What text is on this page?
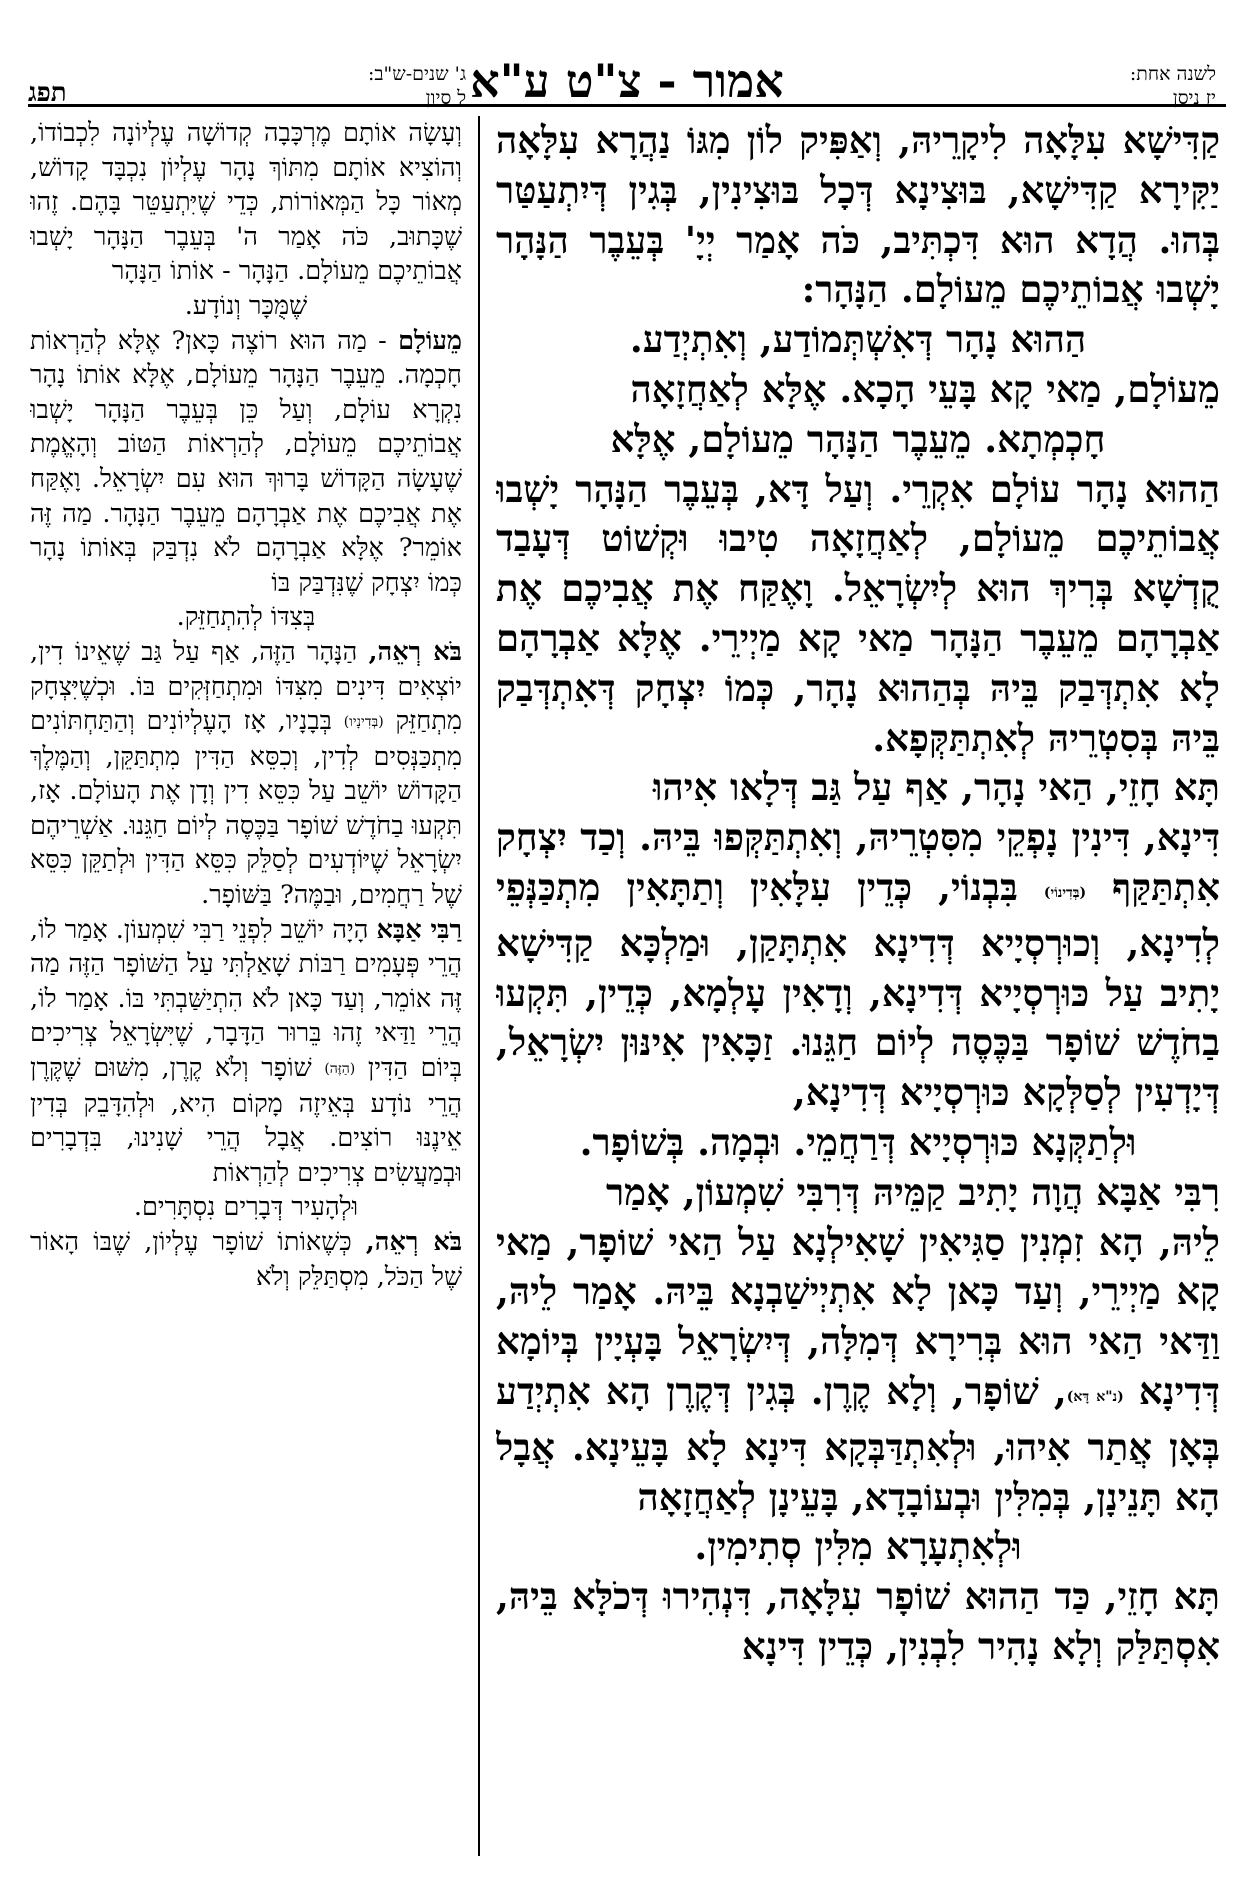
לשנה אחת:
יז ניסן
אמור - צ"ט ע"א
ג' שנים-ש"ב:
ל סיון
תפג

קַדִּישָׁא עִלָּאָה לִיקָרֵיהּ, וְאַפִּיק לוֹן מִגּוֹ נַהֲרָא עִלָּאָה יַקִּירָא קַדִּישָׁא, בּוּצִינָא דְּכָל בּוּצִינִין, בְּגִין דְּיִתְעַטַּר בְּהוּ. הֲדָא הוּא דִּכְתִּיב, כֹּה אָמַר יְיָ' בְּעֵבֶר הַנָּהָר יָשְׁבוּ אֲבוֹתֵיכֶם מֵעוֹלָם. הַנָּהָר:

הַהוּא נָהָר דְּאִשְׁתְּמוֹדַע, וְאִתְיְדַע.

מֵעוֹלָם, מַאי קָא בָּעֵי הָכָא. אֶלָּא לְאַחֲזָאָה

חָכְמְתָא. מֵעֵבֶר הַנָּהָר מֵעוֹלָם, אֶלָּא

הַהוּא נָהָר עוֹלָם אִקְרֵי. וְעַל דָּא, בְּעֵבֶר הַנָּהָר יָשְׁבוּ אֲבוֹתֵיכֶם מֵעוֹלָם, לְאַחֲזָאָה טִיבוּ וּקְשׁוֹט דְּעָבַד קֻדְשָׁא בְּרִיךְ הוּא לְיִשְׂרָאֵל. וָאֶקַּח אֶת אֲבִיכֶם אֶת אַבְרָהָם מֵעֵבֶר הַנָּהָר מַאי קָא מַיְירֵי. אֶלָּא אַבְרָהָם לָא אִתְדְּבַק בֵּיהּ בְּהַהוּא נָהָר, כְּמוֹ יִצְחָק דְּאִתְדְּבַק בֵּיהּ בְּסִטְרֵיהּ לְאִתְתַּקְּפָא.

תָּא חָזֵי, הַאי נָהָר, אַף עַל גַּב דְּלָאו אִיהוּ

דִּינָא, דִּינִין נָפְקֵי מִסִּטְרֵיהּ, וְאִתְתַּקְּפוּ בֵּיהּ. וְכַד יִצְחָק אִתְתַּקַּף (בְּדִינוֹי) בִּבְנוֹי, כְּדֵין עִלָּאִין וְתַתָּאִין מִתְכַּנְּפֵי לְדִינָא, וְכוּרְסְיָיא דְּדִינָא אִתְתָּקַן, וּמַלְכָּא קַדִּישָׁא יָתִיב עַל כּוּרְסְיָיא דְּדִינָא, וְדָאִין עָלְמָא, כְּדֵין, תִּקְעוּ בַחֹדֶשׁ שׁוֹפָר בַּכֶּסֶה לְיוֹם חַגֵּנוּ. זַכָּאִין אִינּוּן יִשְׂרָאֵל, דְּיָדְעִין לְסַלְּקָא כּוּרְסְיָיא דְּדִינָא,

וּלְתַקְּנָא כּוּרְסְיָיא דְּרַחֲמֵי. וּבְמָה. בְּשׁוֹפָר.

רִבִּי אַבָּא הֲוָה יָתִיב קַמֵּיהּ דְּרִבִּי שִׁמְעוֹן, אָמַר

לֵיהּ, הָא זִמְנִין סַגִּיאִין שָׁאִילְנָא עַל הַאי שׁוֹפָר, מַאי קָא מַיְירֵי, וְעַד כָּאן לָא אִתְיְישַׁבְנָא בֵּיהּ. אָמַר לֵיהּ, וַדַּאי הַאי הוּא בְּרִירָא דְּמִלָּה, דְּיִשְׂרָאֵל בָּעְיָין בְּיוֹמָא דְּדִינָא (נ"א דָּא), שׁוֹפָר, וְלָא קֶרֶן. בְּגִין דְּקֶרֶן הָא אִתְיְדַע בְּאָן אֲתַר אִיהוּ, וּלְאִתְדַּבְּקָא דִּינָא לָא בָּעֵינָא. אֲבָל הָא תָּנֵינָן, בְּמִלִּין וּבְעוֹבָדָא, בָּעֵינָן לְאַחֲזָאָה

וּלְאִתְעָרָא מִלִּין סְתִימִין.

תָּא חָזֵי, כַּד הַהוּא שׁוֹפָר עִלָּאָה, דִּנְהִירוּ דְּכֹלָּא בֵּיהּ, אִסְתַּלַּק וְלָא נָהִיר לִבְנִין, כְּדֵין דִּינָא

וְעָשָׂה אוֹתָם מֶרְכָּבָה קְדוֹשָׁה עֶלְיוֹנָה לִכְבוֹדוֹ, וְהוֹצִיא אוֹתָם מִתּוֹךְ נָהָר עֶלְיוֹן נִכְבָּד קָדוֹשׁ, מְאוֹר כָּל הַמְּאוֹרוֹת, כְּדֵי שֶׁיִּתְעַטֵּר בָּהֶם. זֶהוּ שֶׁכָּתוּב, כֹּה אָמַר ה' בְּעֵבֶר הַנָּהָר יָשְׁבוּ אֲבוֹתֵיכֶם מֵעוֹלָם. הַנָּהָר - אוֹתוֹ הַנָּהָר

שֶׁמֻּכָּר וְנוֹדָע.

מֵעוֹלָם - מַה הוּא רוֹצֶה כָּאן? אֶלָּא לְהַרְאוֹת חָכְמָה. מֵעֵבֶר הַנָּהָר מֵעוֹלָם, אֶלָּא אוֹתוֹ נָהָר נִקְרָא עוֹלָם, וְעַל כֵּן בְּעֵבֶר הַנָּהָר יָשְׁבוּ אֲבוֹתֵיכֶם מֵעוֹלָם, לְהַרְאוֹת הַטּוֹב וְהָאֱמֶת שֶׁעָשָׂה הַקָּדוֹשׁ בָּרוּךְ הוּא עִם יִשְׂרָאֵל. וָאֶקַּח אֶת אֲבִיכֶם אֶת אַבְרָהָם מֵעֵבֶר הַנָּהָר. מַה זֶּה אוֹמֵר? אֶלָּא אַבְרָהָם לֹא נִדְבַּק בְּאוֹתוֹ נָהָר כְּמוֹ יִצְחָק שֶׁנִּדְבַּק בּוֹ

בְּצִדּוֹ לְהִתְחַזֵּק.

בֹּא רְאֵה, הַנָּהָר הַזֶּה, אַף עַל גַּב שֶׁאֵינוֹ דִין, יוֹצְאִים דִּינִים מִצִּדּוֹ וּמִתְחַזְּקִים בּוֹ. וּכְשֶׁיִּצְחָק מִתְחַזֵּק (בְּדִינָיו) בְּבָנָיו, אָז הָעֶלְיוֹנִים וְהַתַּחְתּוֹנִים מִתְכַּנְּסִים לְדִין, וְכִסֵּא הַדִּין מִתְתַּקֵּן, וְהַמֶּלֶךְ הַקָּדוֹשׁ יוֹשֵׁב עַל כִּסֵּא דִין וְדָן אֶת הָעוֹלָם. אָז, תִּקְעוּ בַחֹדֶשׁ שׁוֹפָר בַּכֶּסֶה לְיוֹם חַגֵּנוּ. אַשְׁרֵיהֶם יִשְׂרָאֵל שֶׁיּוֹדְעִים לְסַלֵּק כִּסֵּא הַדִּין וּלְתַקֵּן כִּסֵּא שֶׁל רַחֲמִים, וּבַמֶּה? בַּשּׁוֹפָר.

רַבִּי אַבָּא הָיָה יוֹשֵׁב לִפְנֵי רַבִּי שִׁמְעוֹן. אָמַר לוֹ, הֲרֵי פְּעָמִים רַבּוֹת שָׁאַלְתִּי עַל הַשּׁוֹפָר הַזֶּה מַה זֶּה אוֹמֵר, וְעַד כָּאן לֹא הִתְיַשַּׁבְתִּי בּוֹ. אָמַר לוֹ, הֲרֵי וַדַּאי זֶהוּ בֵּרוּר הַדָּבָר, שֶׁיִּשְׂרָאֵל צְרִיכִים בְּיוֹם הַדִּין (הַזֶּה) שׁוֹפָר וְלֹא קֶרֶן, מִשּׁוּם שֶׁקֶּרֶן הֲרֵי נוֹדָע בְּאֵיזֶה מָקוֹם הִיא, וּלְהִדָּבֵק בְּדִין אֵינֶנּוּ רוֹצִים. אֲבָל הֲרֵי שָׁנִינוּ, בִּדְבָרִים וּבְמַעֲשִׂים צְרִיכִים לְהַרְאוֹת

וּלְהָעִיר דְּבָרִים נִסְתָּרִים.

בֹּא רְאֵה, כְּשֶׁאוֹתוֹ שׁוֹפָר עֶלְיוֹן, שֶׁבּוֹ הָאוֹר שֶׁל הַכֹּל, מִסְתַּלֵּק וְלֹא
